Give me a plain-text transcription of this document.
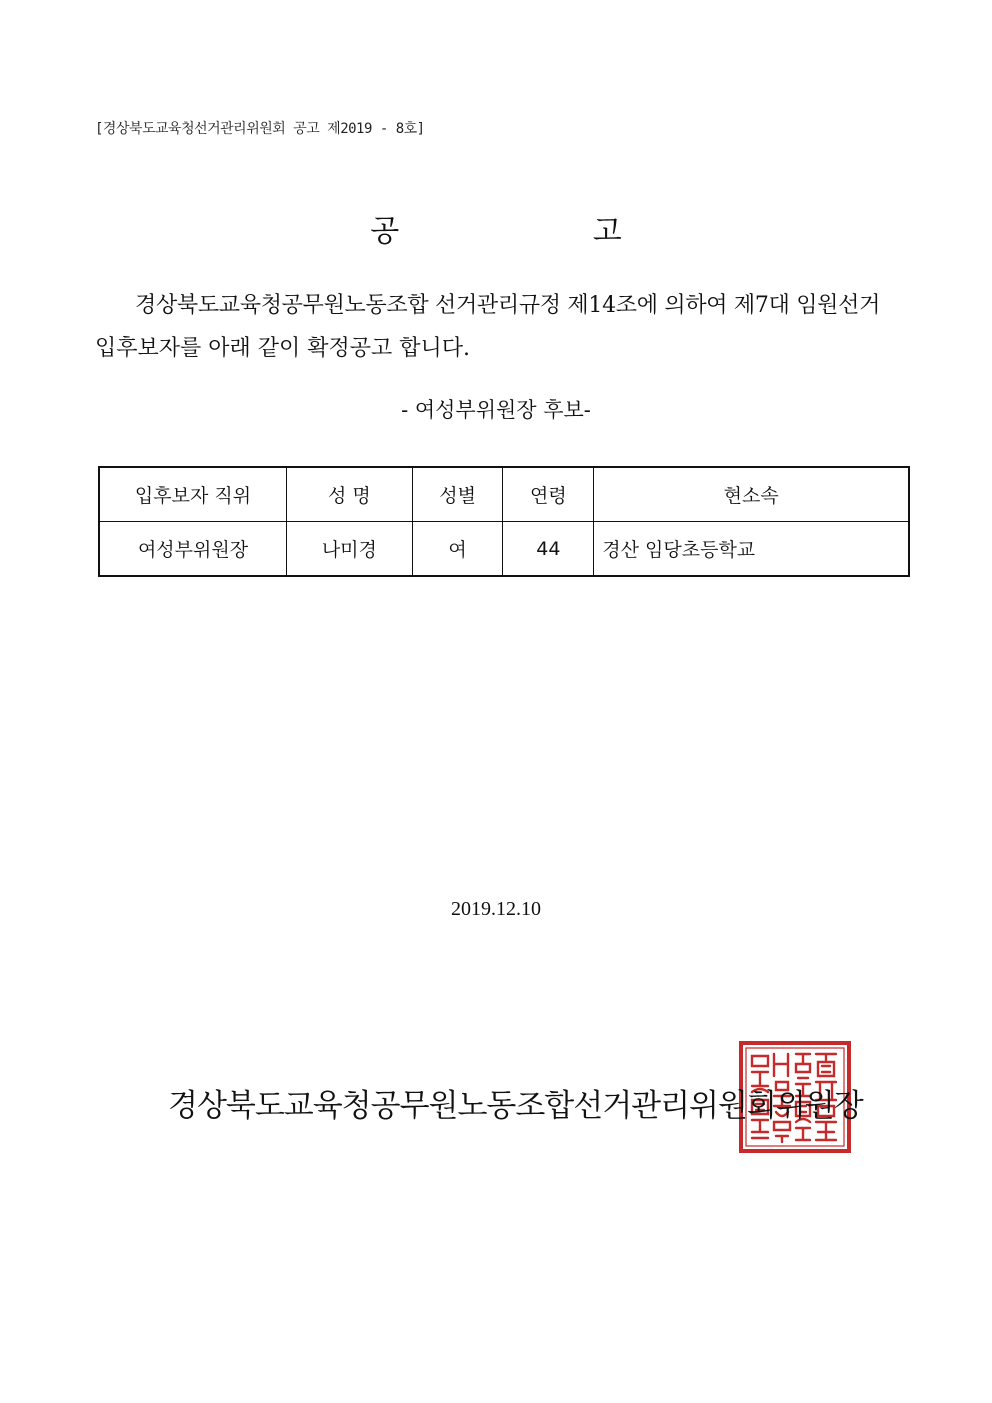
[경상북도교육청선거관리위원회 공고 제2019 - 8호]
공 고
경상북도교육청공무원노동조합 선거관리규정 제14조에 의하여 제7대 임원선거
입후보자를 아래 같이 확정공고 합니다.
- 여성부위원장 후보-
입후보자 직위	성 명	성별	연령	현소속
여성부위원장	나미경	여	44	경산 임당초등학교
2019.12.10
경상북도교육청공무원노동조합선거관리위원회위원장
